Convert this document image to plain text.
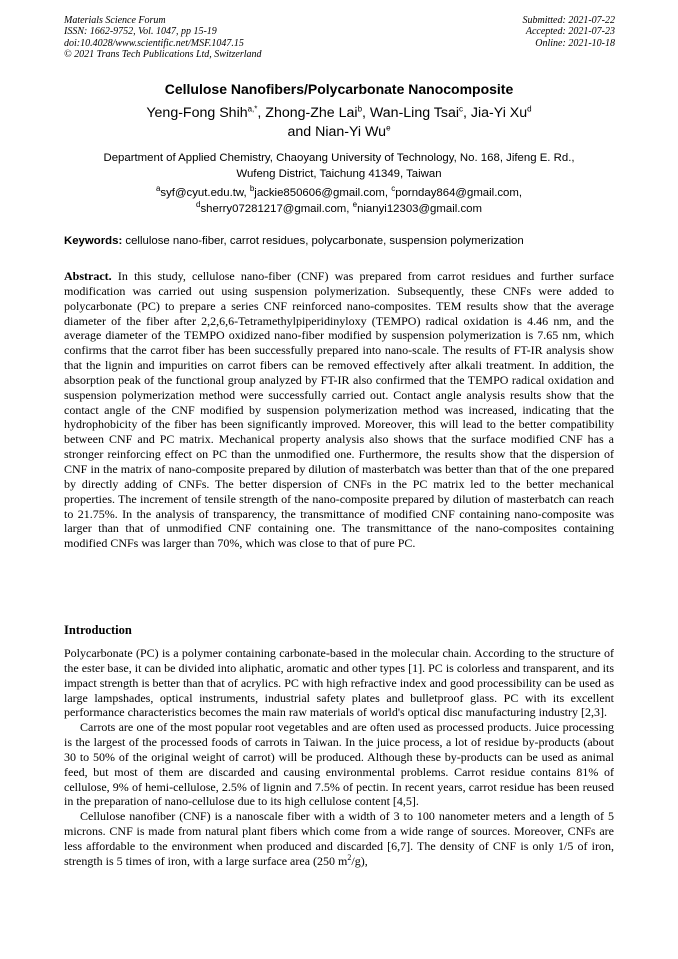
Materials Science Forum
ISSN: 1662-9752, Vol. 1047, pp 15-19
doi:10.4028/www.scientific.net/MSF.1047.15
© 2021 Trans Tech Publications Ltd, Switzerland
Submitted: 2021-07-22
Accepted: 2021-07-23
Online: 2021-10-18
Cellulose Nanofibers/Polycarbonate Nanocomposite
Yeng-Fong Shih$^{a,*}$, Zhong-Zhe Lai$^b$, Wan-Ling Tsai$^c$, Jia-Yi Xu$^d$
and Nian-Yi Wu$^e$
Department of Applied Chemistry, Chaoyang University of Technology, No. 168, Jifeng E. Rd.,
Wufeng District, Taichung 41349, Taiwan
$^a$syf@cyut.edu.tw, $^b$jackie850606@gmail.com, $^c$pornday864@gmail.com,
$^d$sherry07281217@gmail.com, $^e$nianyi12303@gmail.com
Keywords: cellulose nano-fiber, carrot residues, polycarbonate, suspension polymerization
Abstract. In this study, cellulose nano-fiber (CNF) was prepared from carrot residues and further surface modification was carried out using suspension polymerization. Subsequently, these CNFs were added to polycarbonate (PC) to prepare a series CNF reinforced nano-composites. TEM results show that the average diameter of the fiber after 2,2,6,6-Tetramethylpiperidinyloxy (TEMPO) radical oxidation is 4.46 nm, and the average diameter of the TEMPO oxidized nano-fiber modified by suspension polymerization is 7.65 nm, which confirms that the carrot fiber has been successfully prepared into nano-scale. The results of FT-IR analysis show that the lignin and impurities on carrot fibers can be removed effectively after alkali treatment. In addition, the absorption peak of the functional group analyzed by FT-IR also confirmed that the TEMPO radical oxidation and suspension polymerization method were successfully carried out. Contact angle analysis results show that the contact angle of the CNF modified by suspension polymerization method was increased, indicating that the hydrophobicity of the fiber has been significantly improved. Moreover, this will lead to the better compatibility between CNF and PC matrix. Mechanical property analysis also shows that the surface modified CNF has a stronger reinforcing effect on PC than the unmodified one. Furthermore, the results show that the dispersion of CNF in the matrix of nano-composite prepared by dilution of masterbatch was better than that of the one prepared by directly adding of CNFs. The better dispersion of CNFs in the PC matrix led to the better mechanical properties. The increment of tensile strength of the nano-composite prepared by dilution of masterbatch can reach to 21.75%. In the analysis of transparency, the transmittance of modified CNF containing nano-composite was larger than that of unmodified CNF containing one. The transmittance of the nano-composites containing modified CNFs was larger than 70%, which was close to that of pure PC.
Introduction

Polycarbonate (PC) is a polymer containing carbonate-based in the molecular chain. According to the structure of the ester base, it can be divided into aliphatic, aromatic and other types [1]. PC is colorless and transparent, and its impact strength is better than that of acrylics. PC with high refractive index and good processibility can be used as large lampshades, optical instruments, industrial safety plates and bulletproof glass. PC with its excellent performance characteristics becomes the main raw materials of world's optical disc manufacturing industry [2,3].

Carrots are one of the most popular root vegetables and are often used as processed products. Juice processing is the largest of the processed foods of carrots in Taiwan. In the juice process, a lot of residue by-products (about 30 to 50% of the original weight of carrot) will be produced. Although these by-products can be used as animal feed, but most of them are discarded and causing environmental problems. Carrot residue contains 81% of cellulose, 9% of hemi-cellulose, 2.5% of lignin and 7.5% of pectin. In recent years, carrot residue has been reused in the preparation of nano-cellulose due to its high cellulose content [4,5].

Cellulose nanofiber (CNF) is a nanoscale fiber with a width of 3 to 100 nanometer meters and a length of 5 microns. CNF is made from natural plant fibers which come from a wide range of sources. Moreover, CNFs are less affordable to the environment when produced and discarded [6,7]. The density of CNF is only 1/5 of iron, strength is 5 times of iron, with a large surface area (250 $m^2/g$),
